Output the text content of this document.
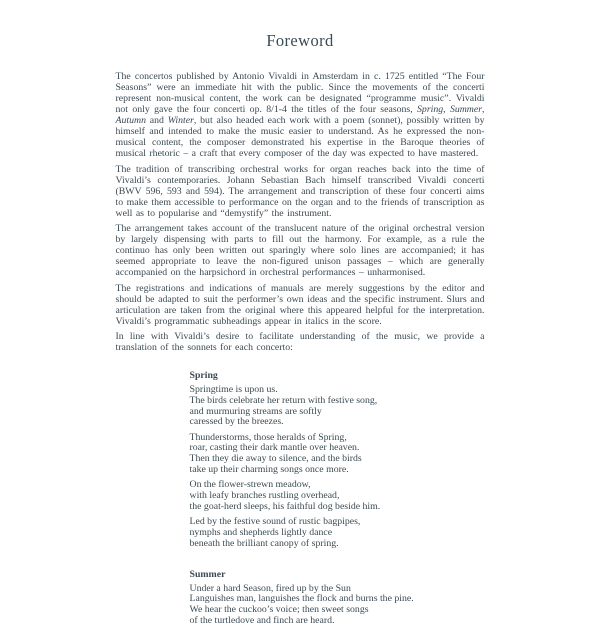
Foreword

The concertos published by Antonio Vivaldi in Amsterdam in c. 1725 entitled “The Four Seasons” were an immediate hit with the public. Since the movements of the concerti represent non-musical content, the work can be designated “programme music”. Vivaldi not only gave the four concerti op. 8/1-4 the titles of the four seasons, Spring, Summer, Autumn and Winter, but also headed each work with a poem (sonnet), possibly written by himself and intended to make the music easier to understand. As he expressed the non-musical content, the composer demonstrated his expertise in the Baroque theories of musical rhetoric – a craft that every composer of the day was expected to have mastered.

The tradition of transcribing orchestral works for organ reaches back into the time of Vivaldi’s contemporaries. Johann Sebastian Bach himself transcribed Vivaldi concerti (BWV 596, 593 and 594). The arrangement and transcription of these four concerti aims to make them accessible to performance on the organ and to the friends of transcription as well as to popularise and “demystify” the instrument.

The arrangement takes account of the translucent nature of the original orchestral version by largely dispensing with parts to fill out the harmony. For example, as a rule the continuo has only been written out sparingly where solo lines are accompanied; it has seemed appropriate to leave the non-figured unison passages – which are generally accompanied on the harpsichord in orchestral performances – unharmonised.

The registrations and indications of manuals are merely suggestions by the editor and should be adapted to suit the performer’s own ideas and the specific instrument. Slurs and articulation are taken from the original where this appeared helpful for the interpretation. Vivaldi’s programmatic subheadings appear in italics in the score.

In line with Vivaldi’s desire to facilitate understanding of the music, we provide a translation of the sonnets for each concerto:

Spring

Springtime is upon us.
The birds celebrate her return with festive song,
and murmuring streams are softly
caressed by the breezes.

Thunderstorms, those heralds of Spring,
roar, casting their dark mantle over heaven.
Then they die away to silence, and the birds
take up their charming songs once more.

On the flower-strewn meadow,
with leafy branches rustling overhead,
the goat-herd sleeps, his faithful dog beside him.

Led by the festive sound of rustic bagpipes,
nymphs and shepherds lightly dance
beneath the brilliant canopy of spring.

Summer

Under a hard Season, fired up by the Sun
Languishes man, languishes the flock and burns the pine.
We hear the cuckoo’s voice; then sweet songs
of the turtledove and finch are heard.
